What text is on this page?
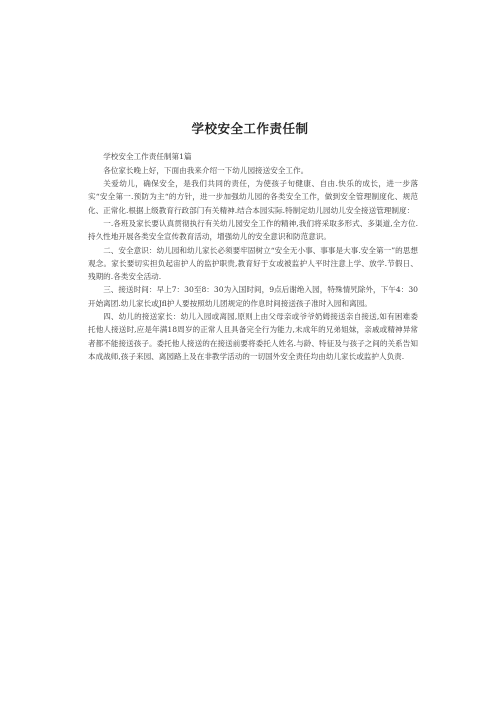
学校安全工作责任制

学校安全工作责任制第1篇

各位家长晚上好，下面由我来介绍一下幼儿园接送安全工作。

关爱幼儿，确保安全，是我们共同的责任，为使孩子旬健康、自由.快乐的成长，进一步落实“安全第一.预防为主“的方针，进一步加强幼儿园的各类安全工作，做到安全管理制度化、规范化、正常化.根据上级教育行政部门有关精神.结合本园实际.特制定幼儿园幼儿安全接送管理制度：

一.各班及家长要认真贯彻执行有关幼儿园安全工作的精神,我们将采取多形式、多渠道,全方位.持久性地开展各类安全宣传教育活动，增强幼儿的安全意识和防范意识。

二、安全意识：幼儿园和幼儿家长必须要牢固树立“安全无小事、事事是大事.安全第一”的思想观念。家长要切实担负起宙护人的监护职贵,教育好于女或被监护人平时注意上学、放学.节假日、残期的.各类安全活动.

三、接送时间：早上7：30至8：30为入国时间，9点后谢绝入园，特殊情旯除外，下午4：30开始离团.幼儿家长或Jfl护人要按照幼儿团规定的作息时间接送孩子准时入园和离园。

四、幼儿的接送家长：幼儿入园或离园,原则上由父母亲或爷爷奶姆接送亲自接送,如有困难委托他人接送时,应是年满18周岁的正常人且具备完全行为能力,未成年的兄弟姐妹，亲戚或精神异常者都不能接送孩子。委托他人接送的在接送前要将委托人姓名.与龄、特征及与孩子之间的关系告知本成战师,孩子来园、离园路上及在非教学活动的一切国外安全责任均由幼儿家长或监护人负责.
